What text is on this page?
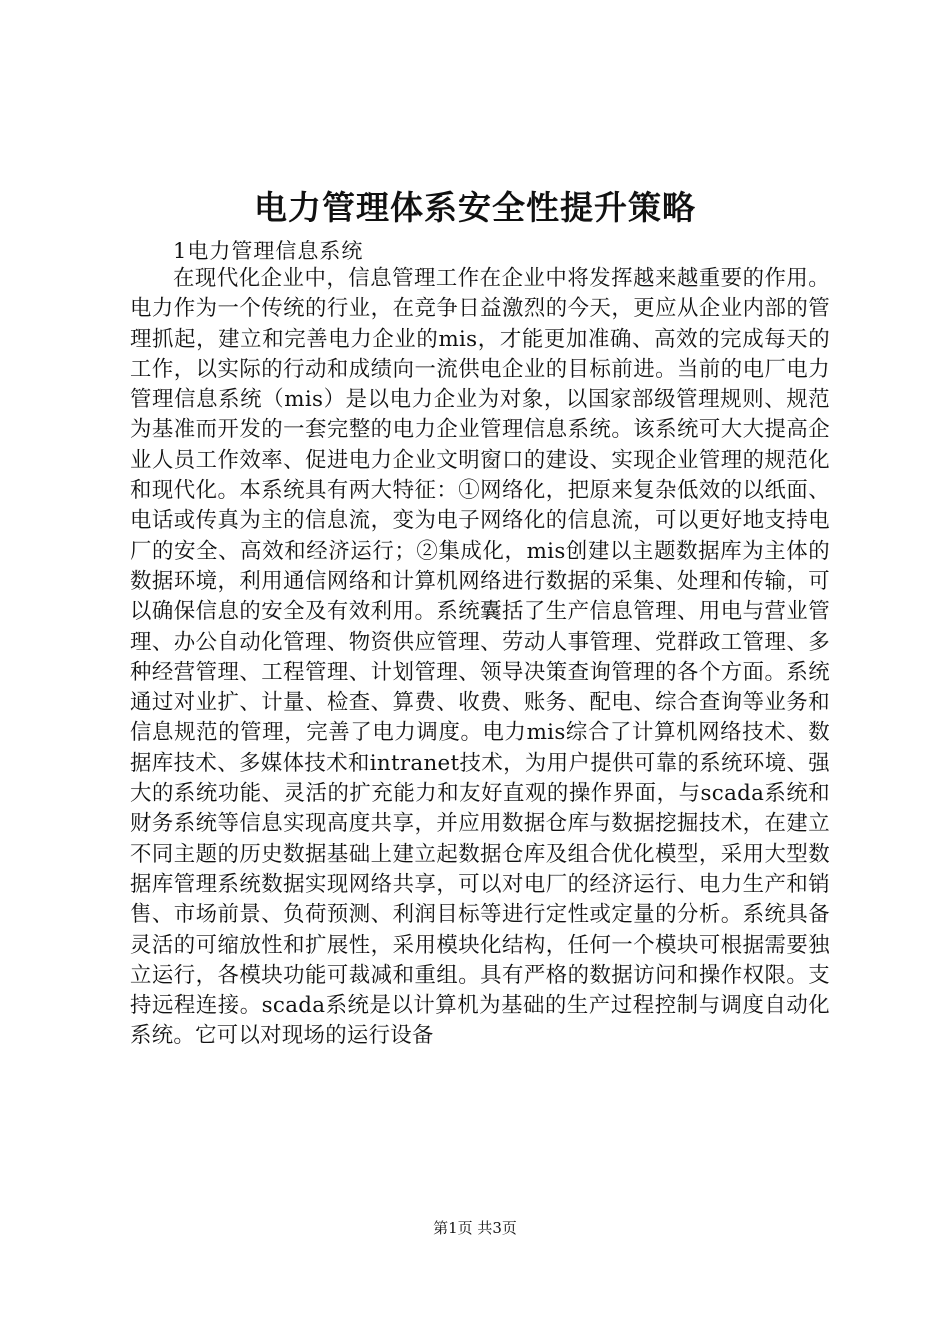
电力管理体系安全性提升策略
1电力管理信息系统

在现代化企业中，信息管理工作在企业中将发挥越来越重要的作用。电力作为一个传统的行业，在竞争日益激烈的今天，更应从企业内部的管理抓起，建立和完善电力企业的mis，才能更加准确、高效的完成每天的工作，以实际的行动和成绩向一流供电企业的目标前进。当前的电厂电力管理信息系统（mis）是以电力企业为对象，以国家部级管理规则、规范为基准而开发的一套完整的电力企业管理信息系统。该系统可大大提高企业人员工作效率、促进电力企业文明窗口的建设、实现企业管理的规范化和现代化。本系统具有两大特征：①网络化，把原来复杂低效的以纸面、电话或传真为主的信息流，变为电子网络化的信息流，可以更好地支持电厂的安全、高效和经济运行；②集成化，mis创建以主题数据库为主体的数据环境，利用通信网络和计算机网络进行数据的采集、处理和传输，可以确保信息的安全及有效利用。系统囊括了生产信息管理、用电与营业管理、办公自动化管理、物资供应管理、劳动人事管理、党群政工管理、多种经营管理、工程管理、计划管理、领导决策查询管理的各个方面。系统通过对业扩、计量、检查、算费、收费、账务、配电、综合查询等业务和信息规范的管理，完善了电力调度。电力mis综合了计算机网络技术、数据库技术、多媒体技术和intranet技术，为用户提供可靠的系统环境、强大的系统功能、灵活的扩充能力和友好直观的操作界面，与scada系统和财务系统等信息实现高度共享，并应用数据仓库与数据挖掘技术，在建立不同主题的历史数据基础上建立起数据仓库及组合优化模型，采用大型数据库管理系统数据实现网络共享，可以对电厂的经济运行、电力生产和销售、市场前景、负荷预测、利润目标等进行定性或定量的分析。系统具备灵活的可缩放性和扩展性，采用模块化结构，任何一个模块可根据需要独立运行，各模块功能可裁减和重组。具有严格的数据访问和操作权限。支持远程连接。scada系统是以计算机为基础的生产过程控制与调度自动化系统。它可以对现场的运行设备

第1页 共3页
